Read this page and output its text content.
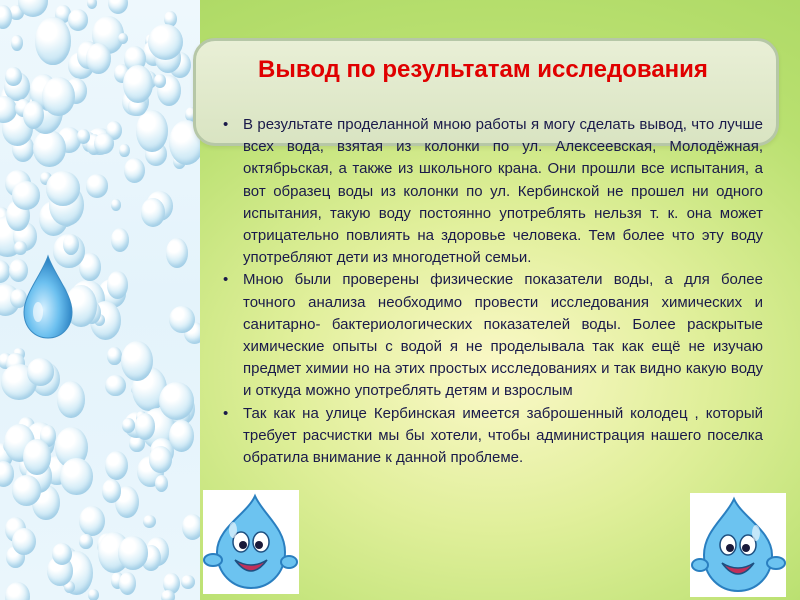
Вывод по результатам исследования
• В результате проделанной мною работы я могу сделать вывод, что лучше всех вода, взятая из колонки по ул. Алексеевская, Молодёжная, октябрьская, а также из школьного крана. Они прошли все испытания, а вот образец воды из колонки по ул. Кербинской не прошел ни одного испытания, такую воду постоянно употреблять нельзя т. к. она может отрицательно повлиять на здоровье человека. Тем более что эту воду употребляют дети из многодетной семьи.
• Мною были проверены физические показатели воды, а для более точного анализа необходимо провести исследования химических и санитарно- бактериологических показателей воды. Более раскрытые химические опыты с водой я не проделывала так как ещё не изучаю предмет химии но на этих простых исследованиях и так видно какую воду и откуда можно употреблять детям и взрослым
• Так как на улице Кербинская имеется заброшенный колодец , который требует расчистки мы бы хотели, чтобы администрация нашего поселка обратила внимание к данной проблеме.
